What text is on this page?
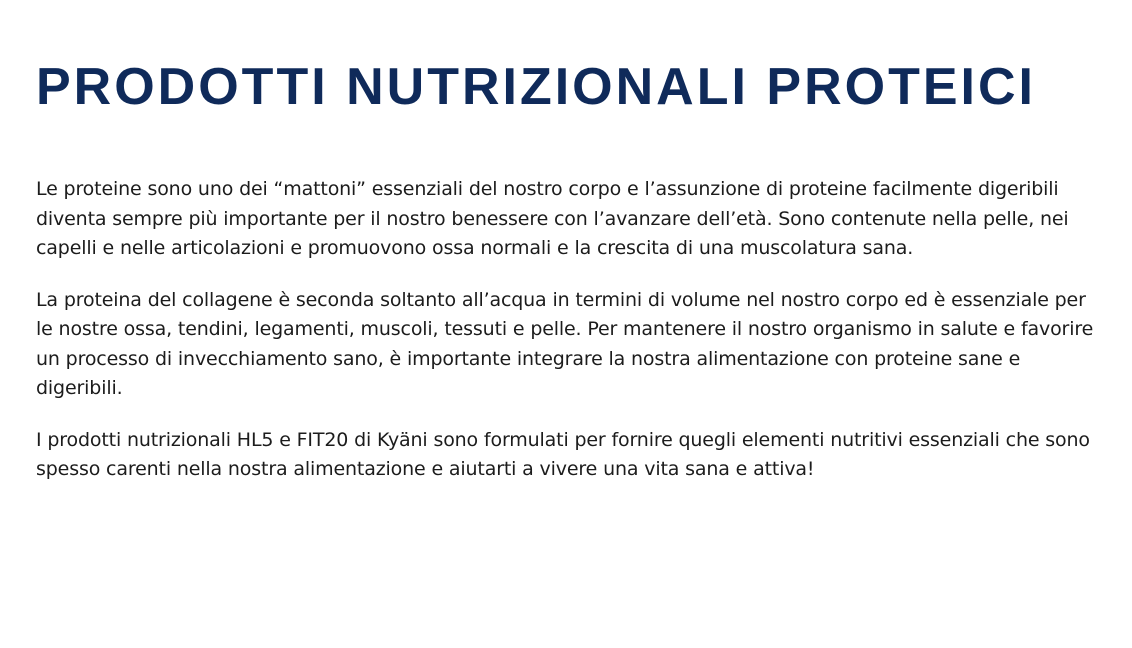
PRODOTTI NUTRIZIONALI PROTEICI

Le proteine sono uno dei “mattoni” essenziali del nostro corpo e l’assunzione di proteine facilmente digeribili diventa sempre più importante per il nostro benessere con l’avanzare dell’età. Sono contenute nella pelle, nei capelli e nelle articolazioni e promuovono ossa normali e la crescita di una muscolatura sana.

La proteina del collagene è seconda soltanto all’acqua in termini di volume nel nostro corpo ed è essenziale per le nostre ossa, tendini, legamenti, muscoli, tessuti e pelle. Per mantenere il nostro organismo in salute e favorire un processo di invecchiamento sano, è importante integrare la nostra alimentazione con proteine sane e digeribili.

I prodotti nutrizionali HL5 e FIT20 di Kyäni sono formulati per fornire quegli elementi nutritivi essenziali che sono spesso carenti nella nostra alimentazione e aiutarti a vivere una vita sana e attiva!
